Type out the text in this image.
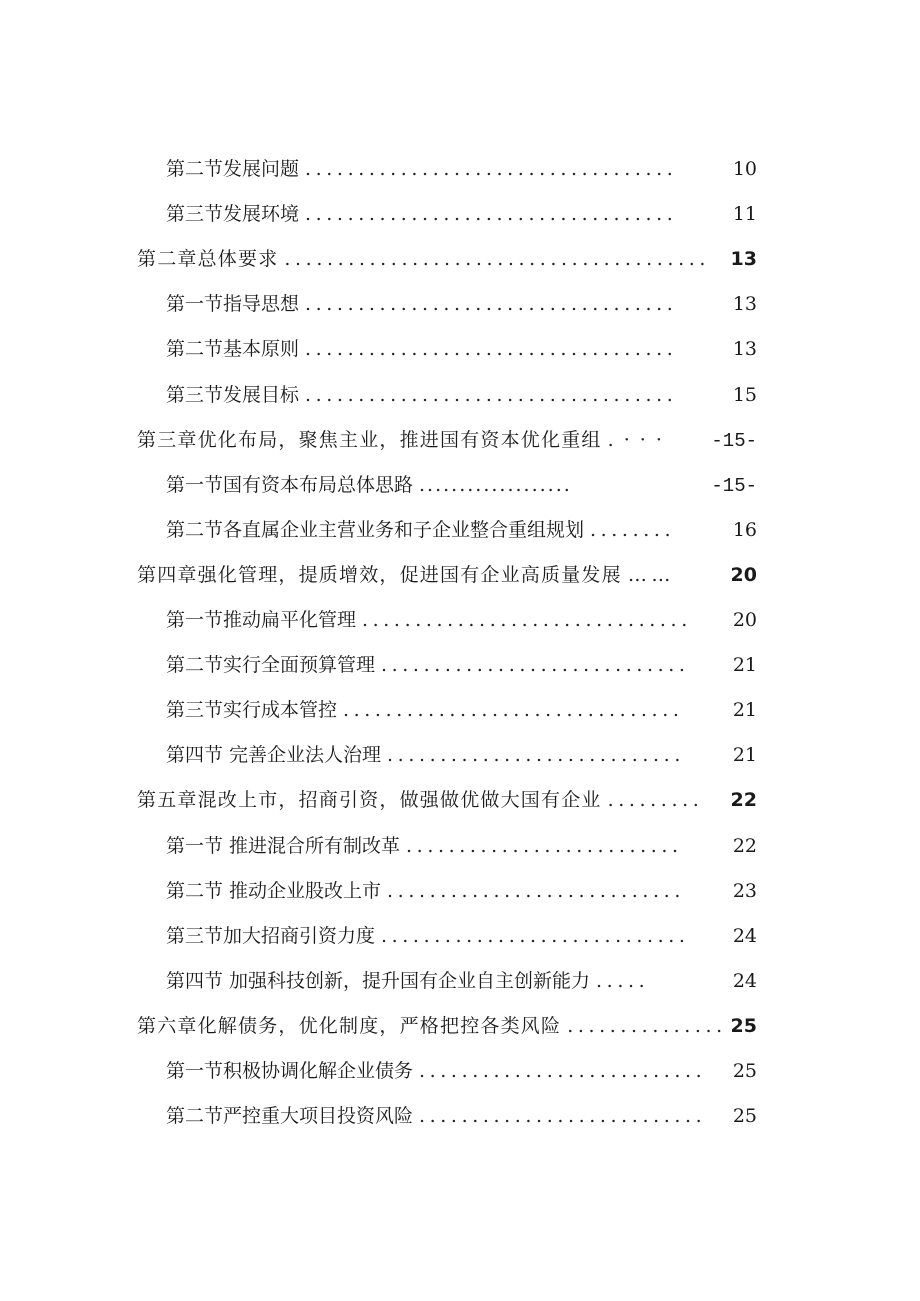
第二节发展问题 ...................................	10
第三节发展环境 ...................................	11
第二章总体要求 ........................................	13
第一节指导思想 ...................................	13
第二节基本原则 ...................................	13
第三节发展目标 ...................................	15
第三章优化布局，聚焦主业，推进国有资本优化重组 . · · ·	-15-
第一节国有资本布局总体思路 ...................	-15-
第二节各直属企业主营业务和子企业整合重组规划 ........	16
第四章强化管理，提质增效，促进国有企业高质量发展 ……	20
第一节推动扁平化管理 ...............................	20
第二节实行全面预算管理 .............................	21
第三节实行成本管控 ................................	21
第四节 完善企业法人治理 ............................	21
第五章混改上市，招商引资，做强做优做大国有企业 .........	22
第一节 推进混合所有制改革 ..........................	22
第二节 推动企业股改上市 ............................	23
第三节加大招商引资力度 .............................	24
第四节 加强科技创新，提升国有企业自主创新能力 .....	24
第六章化解债务，优化制度，严格把控各类风险 ............... 25
第一节积极协调化解企业债务 ...........................	25
第二节严控重大项目投资风险 ...........................	25
